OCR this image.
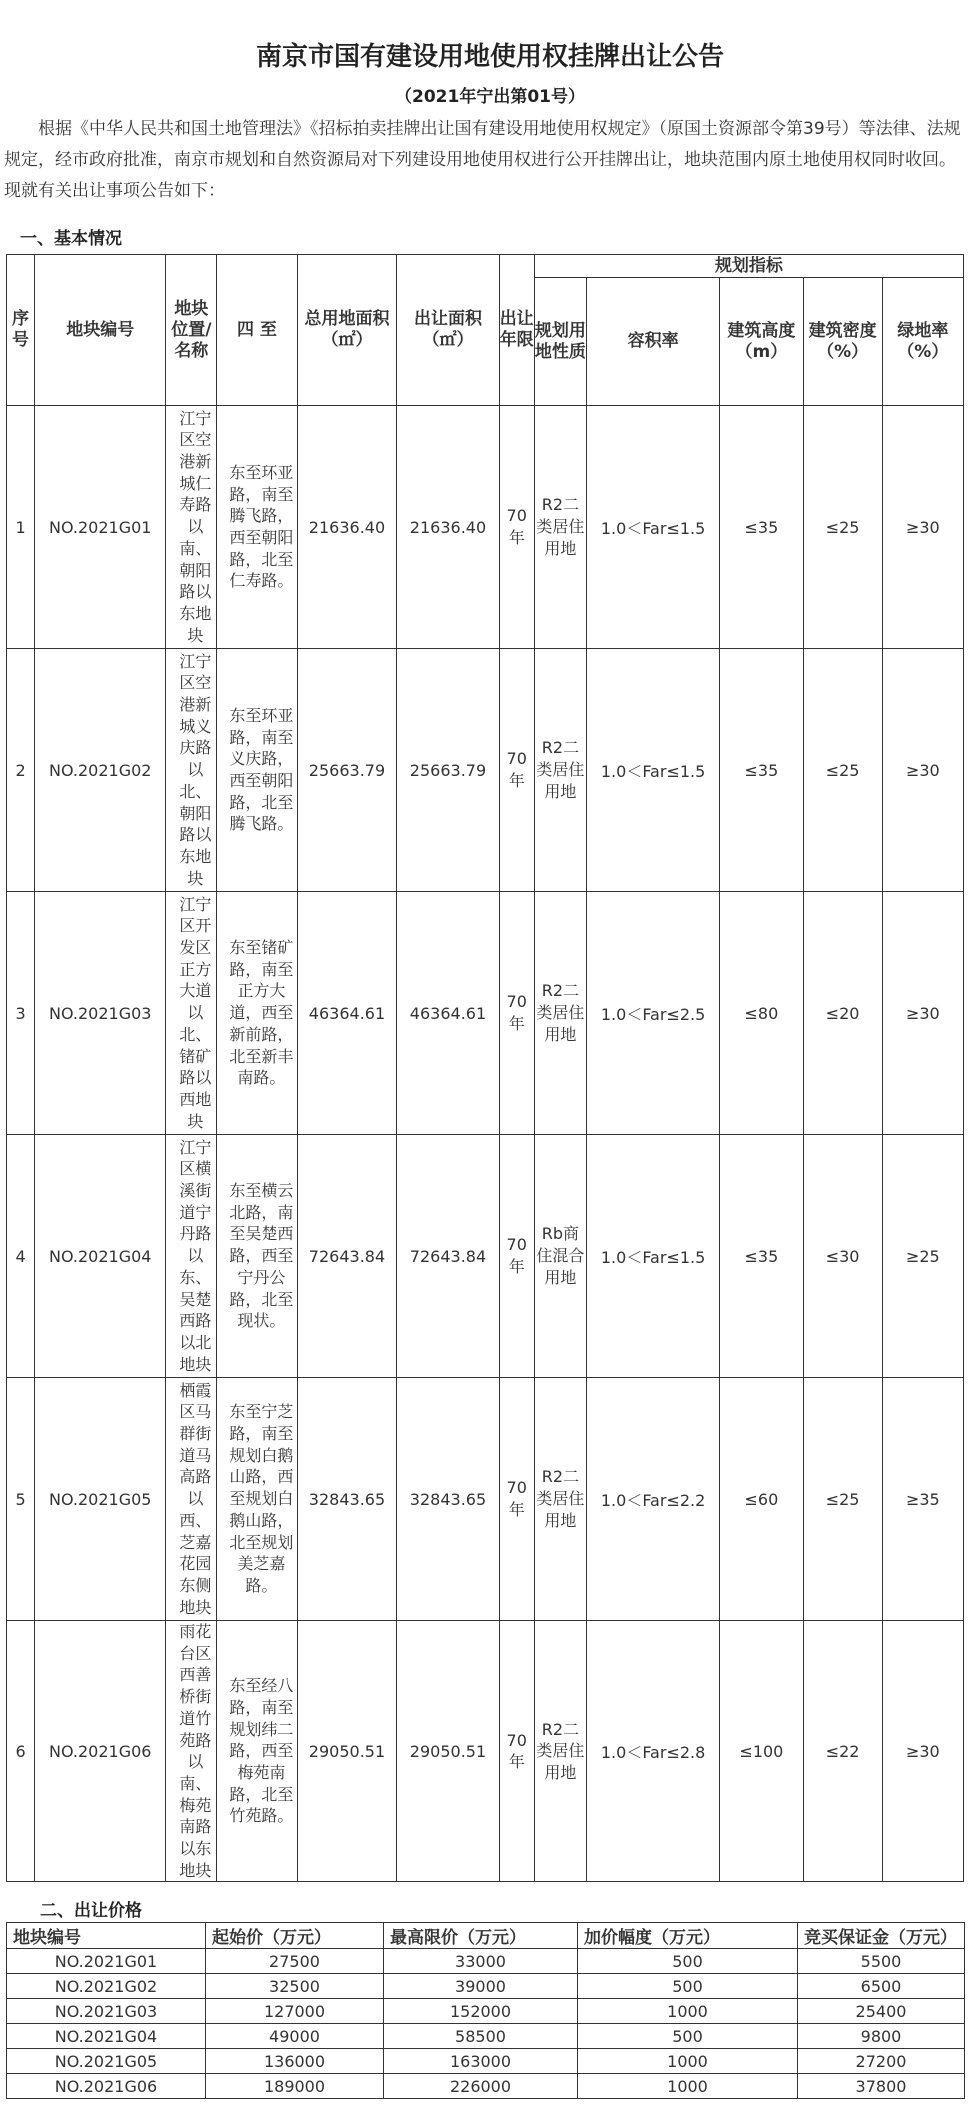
南京市国有建设用地使用权挂牌出让公告
（2021年宁出第01号）
根据《中华人民共和国土地管理法》《招标拍卖挂牌出让国有建设用地使用权规定》（原国土资源部令第39号）等法律、法规规定，经市政府批准，南京市规划和自然资源局对下列建设用地使用权进行公开挂牌出让，地块范围内原土地使用权同时收回。现就有关出让事项公告如下：
一、基本情况
序号	地块编号	地块位置/名称	四 至	总用地面积（㎡）	出让面积（㎡）	出让年限	规划指标				
							规划用地性质	容积率	建筑高度（m）	建筑密度（%）	绿地率（%）
1	NO.2021G01	江宁区空港新城仁寿路以南、朝阳路以东地块	东至环亚路，南至腾飞路，西至朝阳路，北至仁寿路。	21636.40	21636.40	70年	R2二类居住用地	1.0＜Far≤1.5	≤35	≤25	≥30
2	NO.2021G02	江宁区空港新城义庆路以北、朝阳路以东地块	东至环亚路，南至义庆路，西至朝阳路，北至腾飞路。	25663.79	25663.79	70年	R2二类居住用地	1.0＜Far≤1.5	≤35	≤25	≥30
3	NO.2021G03	江宁区开发区正方大道以北、锗矿路以西地块	东至锗矿路，南至正方大道，西至新前路，北至新丰南路。	46364.61	46364.61	70年	R2二类居住用地	1.0＜Far≤2.5	≤80	≤20	≥30
4	NO.2021G04	江宁区横溪街道宁丹路以东、吴楚西路以北地块	东至横云北路，南至吴楚西路，西至宁丹公路，北至现状。	72643.84	72643.84	70年	Rb商住混合用地	1.0＜Far≤1.5	≤35	≤30	≥25
5	NO.2021G05	栖霞区马群街道马高路以西、芝嘉花园东侧地块	东至宁芝路，南至规划白鹅山路，西至规划白鹅山路，北至规划美芝嘉路。	32843.65	32843.65	70年	R2二类居住用地	1.0＜Far≤2.2	≤60	≤25	≥35
6	NO.2021G06	雨花台区西善桥街道竹苑路以南、梅苑南路以东地块	东至经八路，南至规划纬二路，西至梅苑南路，北至竹苑路。	29050.51	29050.51	70年	R2二类居住用地	1.0＜Far≤2.8	≤100	≤22	≥30
二、出让价格
地块编号	起始价（万元）	最高限价（万元）	加价幅度（万元）	竞买保证金（万元）
NO.2021G01	27500	33000	500	5500
NO.2021G02	32500	39000	500	6500
NO.2021G03	127000	152000	1000	25400
NO.2021G04	49000	58500	500	9800
NO.2021G05	136000	163000	1000	27200
NO.2021G06	189000	226000	1000	37800
